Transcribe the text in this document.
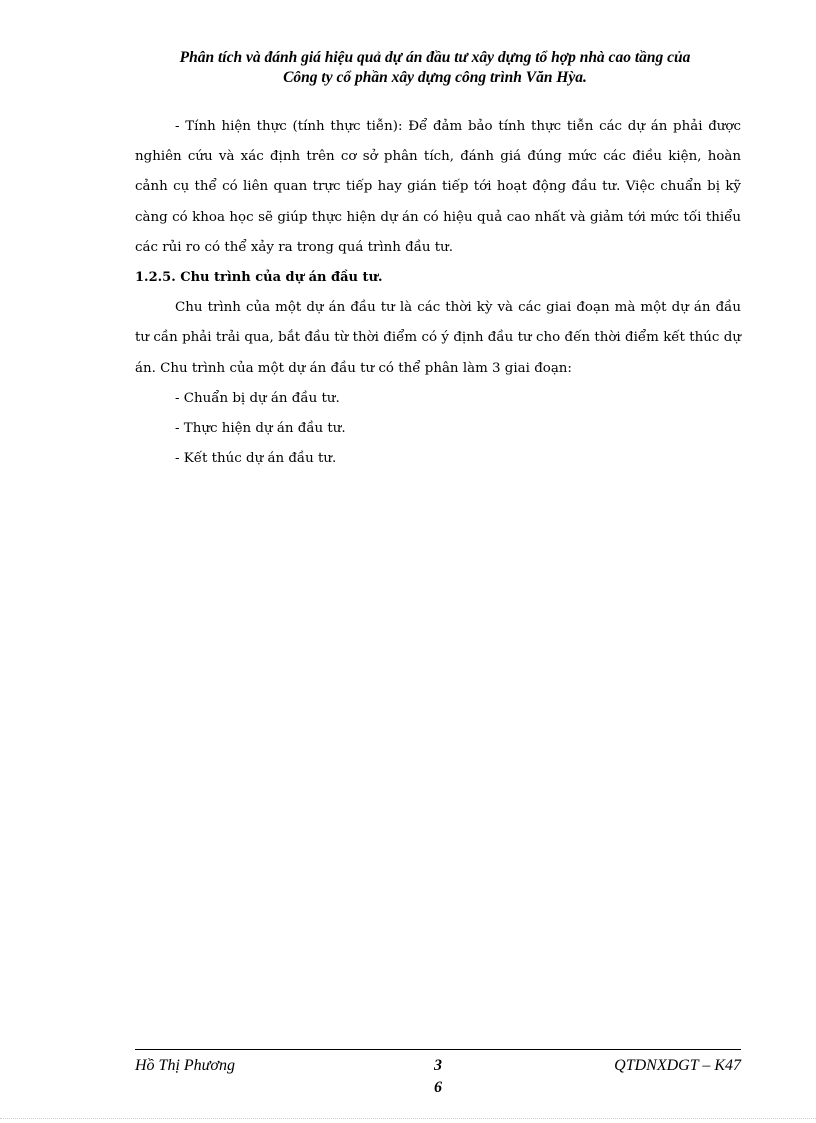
Phân tích và đánh giá hiệu quả dự án đầu tư xây dựng tổ hợp nhà cao tầng của
Công ty cổ phần xây dựng công trình Văn Hỳa.

- Tính hiện thực (tính thực tiễn): Để đảm bảo tính thực tiễn các dự án phải được nghiên cứu và xác định trên cơ sở phân tích, đánh giá đúng mức các điều kiện, hoàn cảnh cụ thể có liên quan trực tiếp hay gián tiếp tới hoạt động đầu tư. Việc chuẩn bị kỹ càng có khoa học sẽ giúp thực hiện dự án có hiệu quả cao nhất và giảm tới mức tối thiểu các rủi ro có thể xảy ra trong quá trình đầu tư.

1.2.5. Chu trình của dự án đầu tư.

Chu trình của một dự án đầu tư là các thời kỳ và các giai đoạn mà một dự án đầu tư cần phải trải qua, bắt đầu từ thời điểm có ý định đầu tư cho đến thời điểm kết thúc dự án. Chu trình của một dự án đầu tư có thể phân làm 3 giai đoạn:

- Chuẩn bị dự án đầu tư.

- Thực hiện dự án đầu tư.

- Kết thúc dự án đầu tư.

Hồ Thị Phương	3
6
QTDNXDGT – K47
